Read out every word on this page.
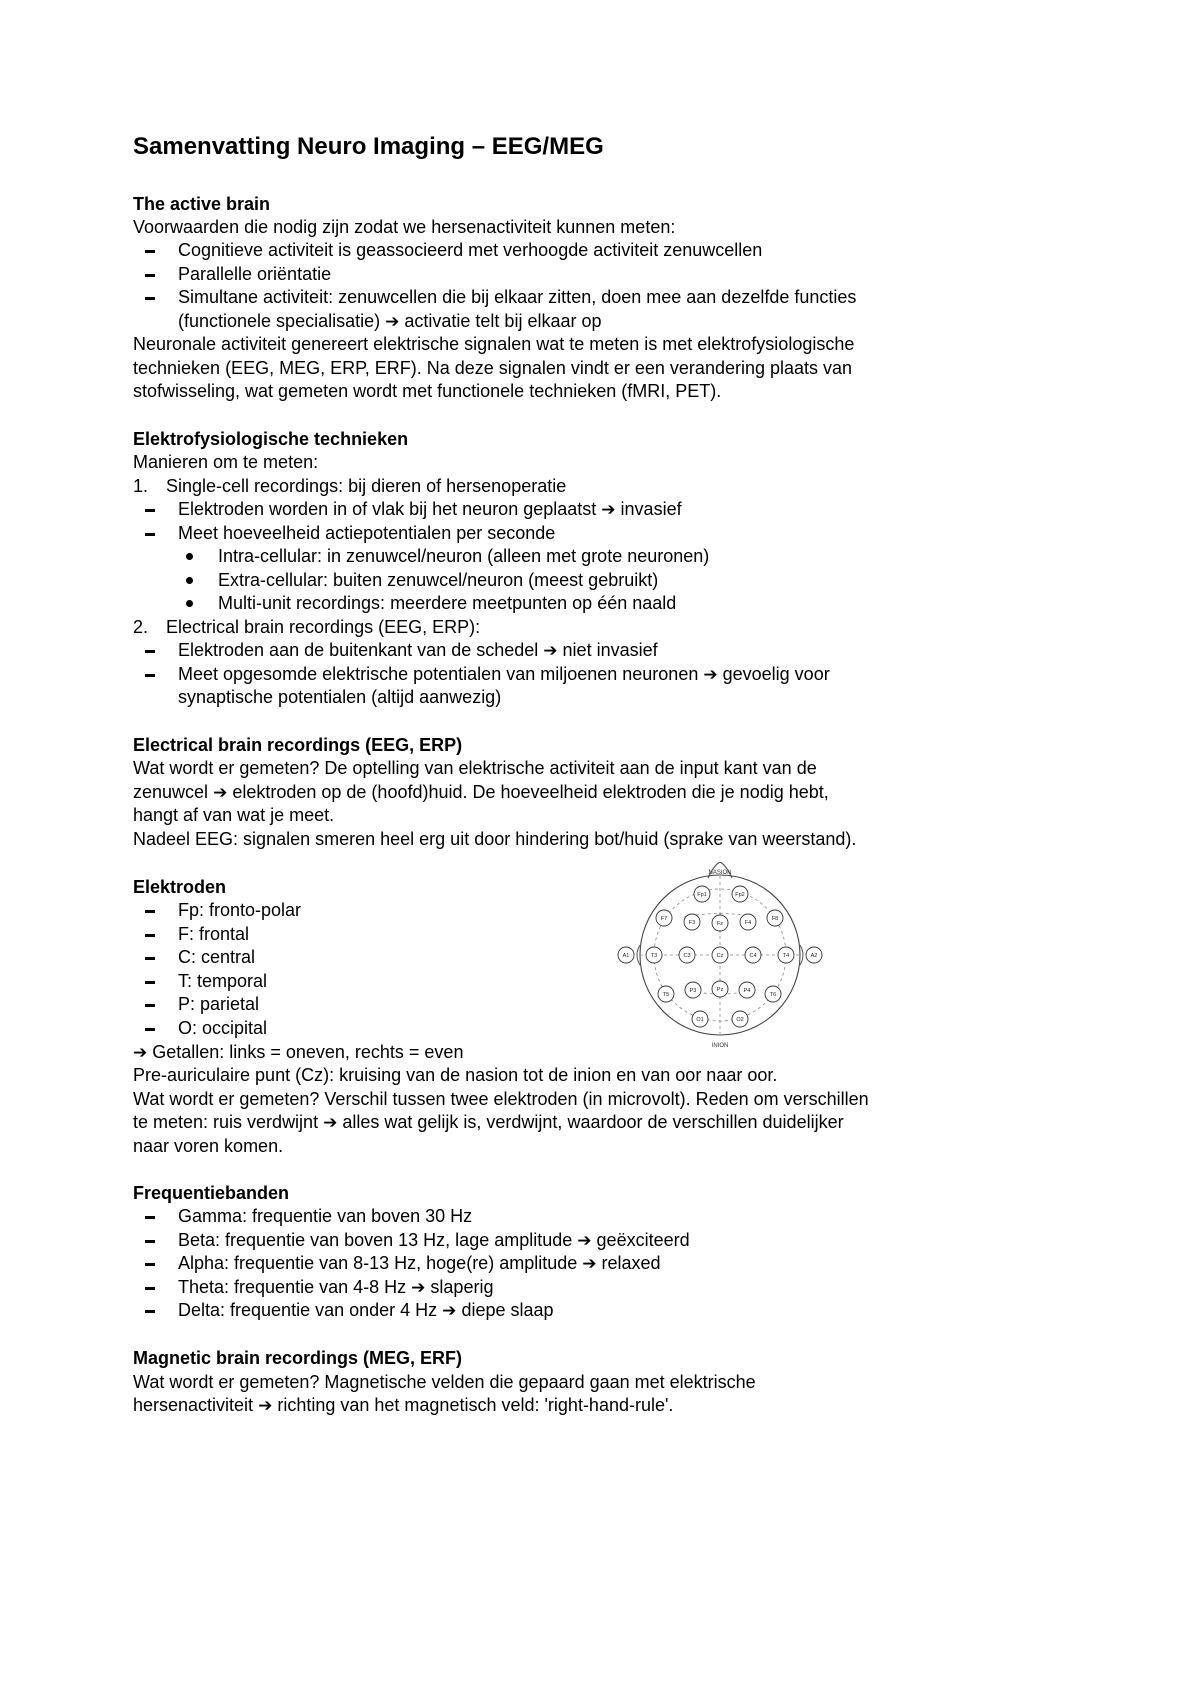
Samenvatting Neuro Imaging – EEG/MEG
The active brain
Voorwaarden die nodig zijn zodat we hersenactiviteit kunnen meten:
Cognitieve activiteit is geassocieerd met verhoogde activiteit zenuwcellen
Parallelle oriëntatie
Simultane activiteit: zenuwcellen die bij elkaar zitten, doen mee aan dezelfde functies
(functionele specialisatie) ➔ activatie telt bij elkaar op
Neuronale activiteit genereert elektrische signalen wat te meten is met elektrofysiologische
technieken (EEG, MEG, ERP, ERF). Na deze signalen vindt er een verandering plaats van
stofwisseling, wat gemeten wordt met functionele technieken (fMRI, PET).
Elektrofysiologische technieken
Manieren om te meten:
1. Single-cell recordings: bij dieren of hersenoperatie
Elektroden worden in of vlak bij het neuron geplaatst ➔ invasief
Meet hoeveelheid actiepotentialen per seconde
Intra-cellular: in zenuwcel/neuron (alleen met grote neuronen)
Extra-cellular: buiten zenuwcel/neuron (meest gebruikt)
Multi-unit recordings: meerdere meetpunten op één naald
2. Electrical brain recordings (EEG, ERP):
Elektroden aan de buitenkant van de schedel ➔ niet invasief
Meet opgesomde elektrische potentialen van miljoenen neuronen ➔ gevoelig voor
synaptische potentialen (altijd aanwezig)
Electrical brain recordings (EEG, ERP)
Wat wordt er gemeten? De optelling van elektrische activiteit aan de input kant van de
zenuwcel ➔ elektroden op de (hoofd)huid. De hoeveelheid elektroden die je nodig hebt,
hangt af van wat je meet.
Nadeel EEG: signalen smeren heel erg uit door hindering bot/huid (sprake van weerstand).
Elektroden
Fp: fronto-polar
F: frontal
C: central
T: temporal
P: parietal
O: occipital
➔ Getallen: links = oneven, rechts = even
Pre-auriculaire punt (Cz): kruising van de nasion tot de inion en van oor naar oor.
Wat wordt er gemeten? Verschil tussen twee elektroden (in microvolt). Reden om verschillen
te meten: ruis verdwijnt ➔ alles wat gelijk is, verdwijnt, waardoor de verschillen duidelijker
naar voren komen.
NASION
INION
Fp1	Fp2
F7
F3	Fz	F4
F8
A1	T3	C3	Cz	C4	T4	A2
T5
P3	Pz	P4
T6
O1	O2
Frequentiebanden
Gamma: frequentie van boven 30 Hz
Beta: frequentie van boven 13 Hz, lage amplitude ➔ geëxciteerd
Alpha: frequentie van 8-13 Hz, hoge(re) amplitude ➔ relaxed
Theta: frequentie van 4-8 Hz ➔ slaperig
Delta: frequentie van onder 4 Hz ➔ diepe slaap
Magnetic brain recordings (MEG, ERF)
Wat wordt er gemeten? Magnetische velden die gepaard gaan met elektrische
hersenactiviteit ➔ richting van het magnetisch veld: 'right-hand-rule'.
